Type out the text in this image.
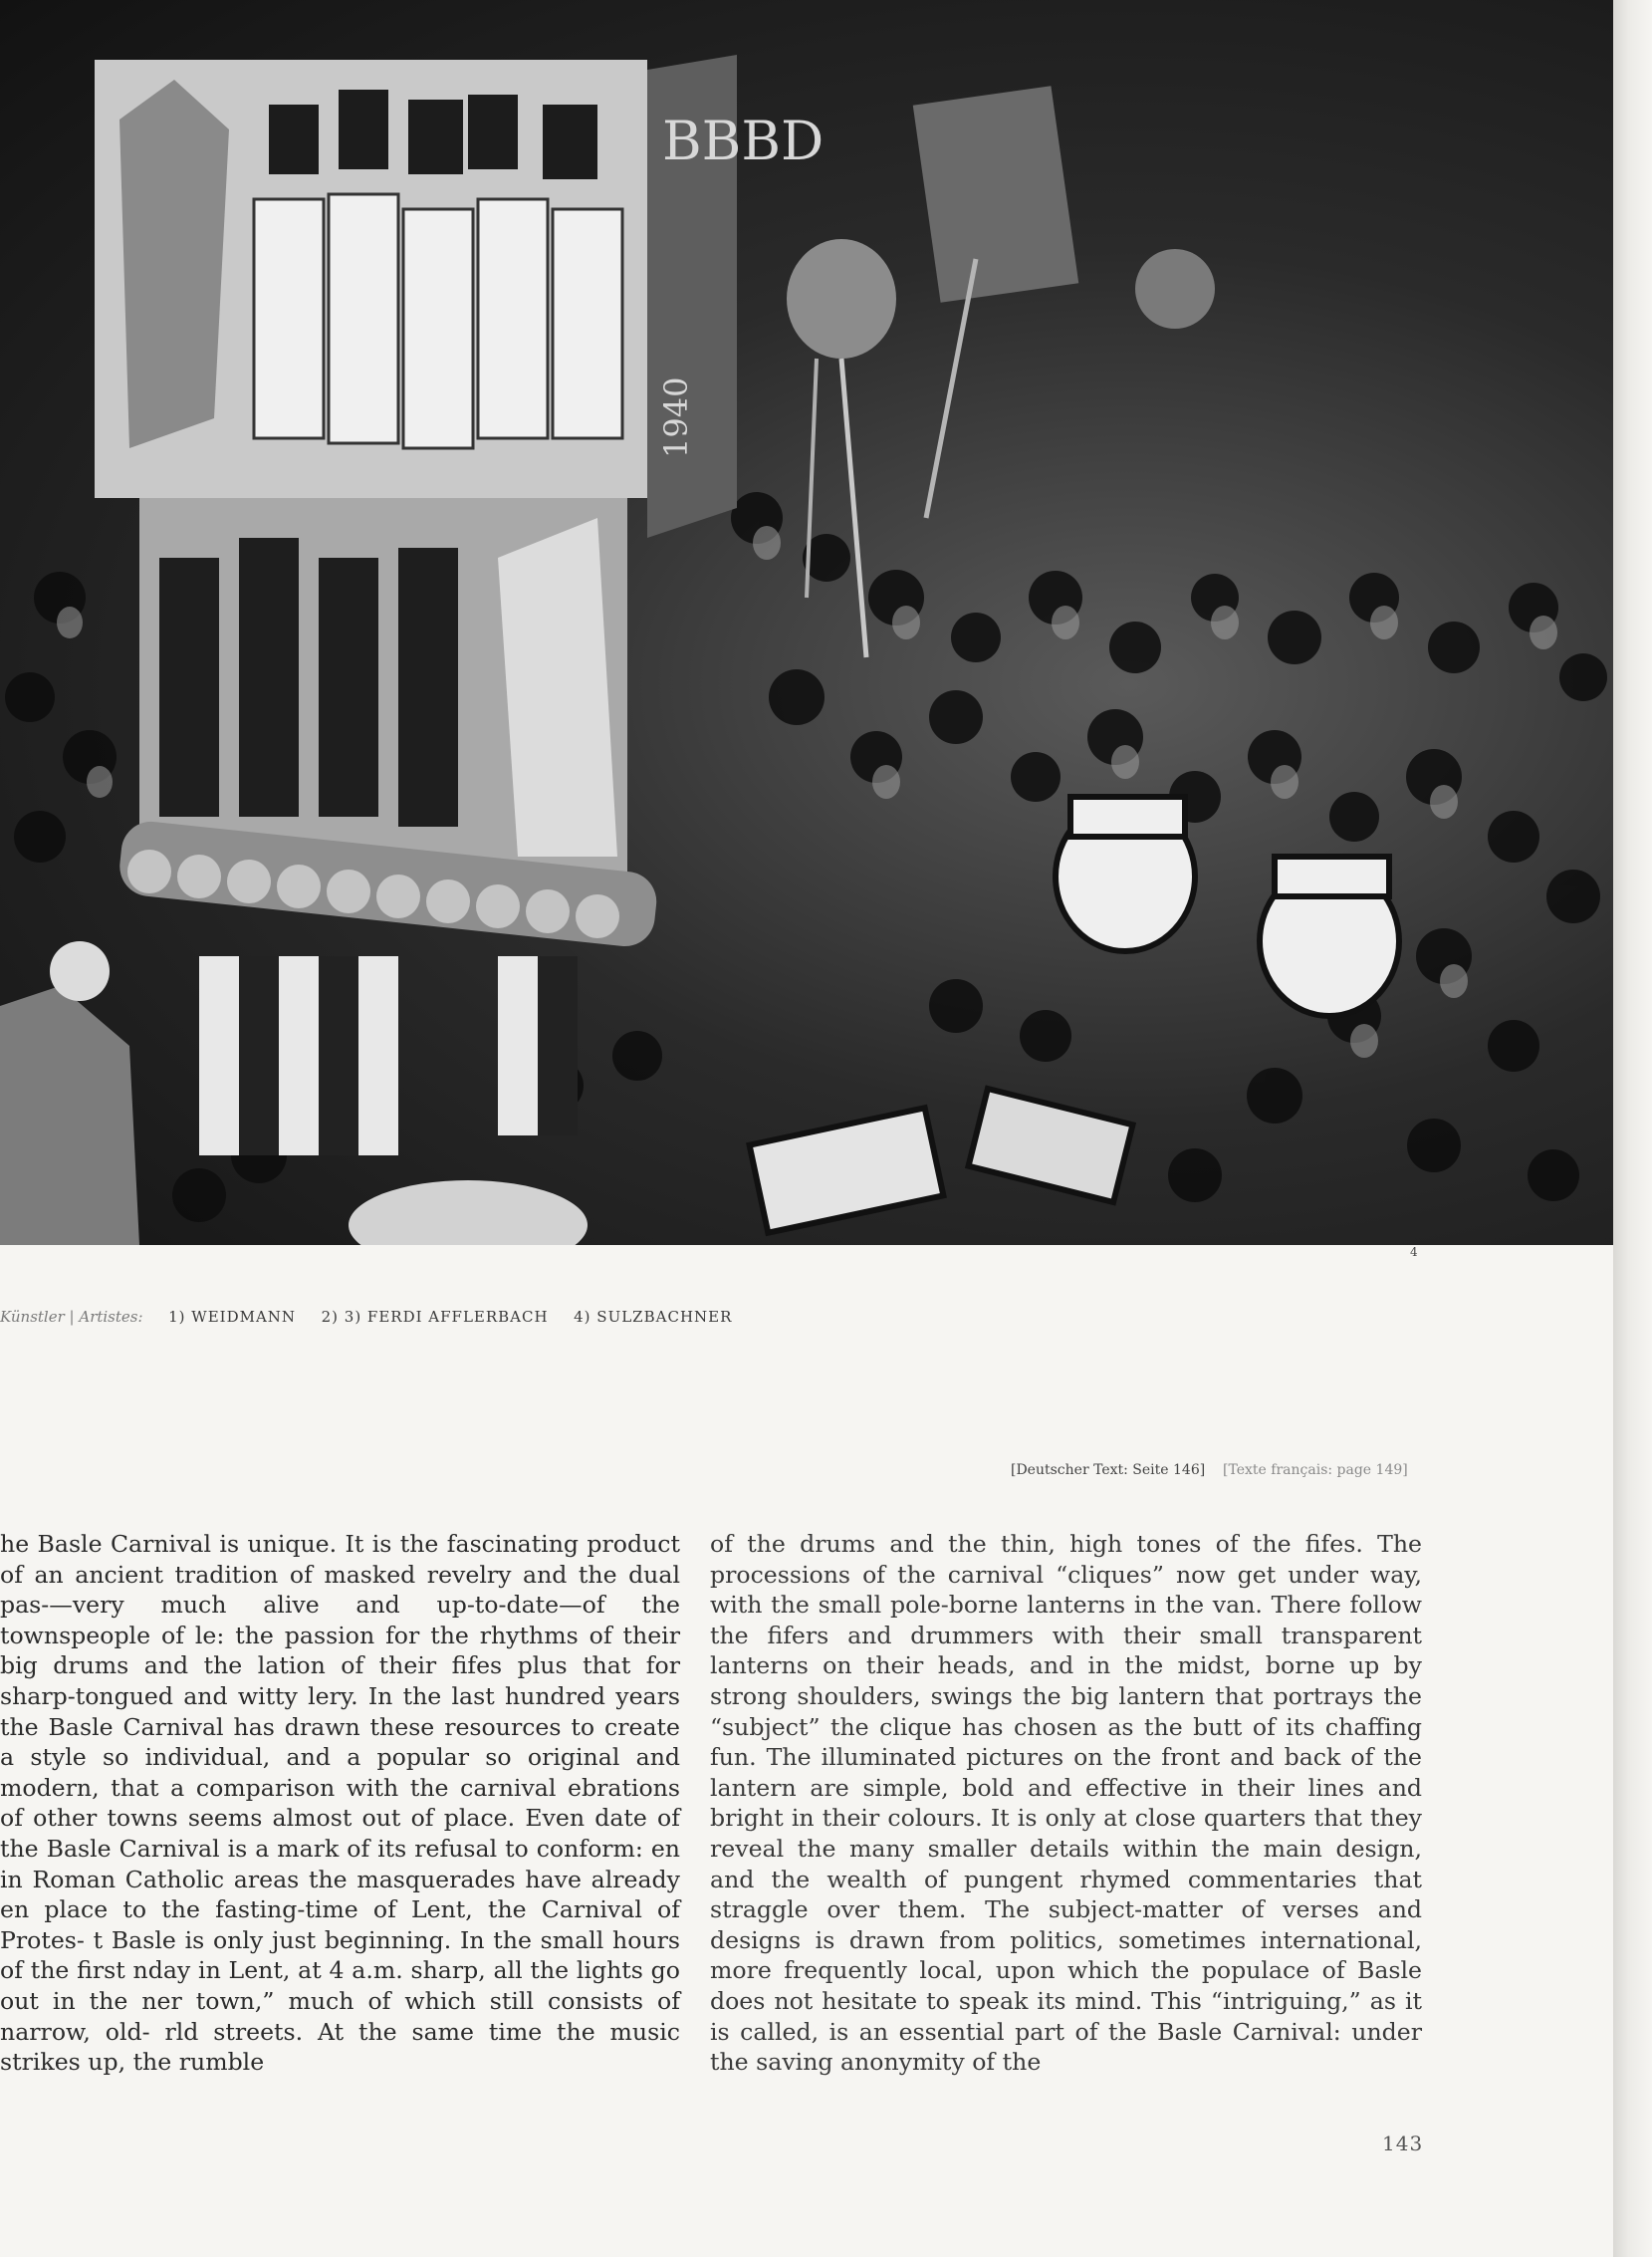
BBBD
1940
4
Künstler | Artistes: 1) WEIDMANN 2) 3) FERDI AFFLERBACH 4) SULZBACHNER
[Deutscher Text: Seite 146] [Texte français: page 149]

he Basle Carnival is unique. It is the fascinating product of an ancient tradition of masked revelry and the dual pas-—very much alive and up-to-date—of the townspeople of le: the passion for the rhythms of their big drums and the lation of their fifes plus that for sharp-tongued and witty lery. In the last hundred years the Basle Carnival has drawn these resources to create a style so individual, and a popular so original and modern, that a comparison with the carnival ebrations of other towns seems almost out of place. Even date of the Basle Carnival is a mark of its refusal to conform: en in Roman Catholic areas the masquerades have already en place to the fasting-time of Lent, the Carnival of Protes- t Basle is only just beginning. In the small hours of the first nday in Lent, at 4 a.m. sharp, all the lights go out in the ner town,” much of which still consists of narrow, old- rld streets. At the same time the music strikes up, the rumble

of the drums and the thin, high tones of the fifes. The processions of the carnival “cliques” now get under way, with the small pole-borne lanterns in the van. There follow the fifers and drummers with their small transparent lanterns on their heads, and in the midst, borne up by strong shoulders, swings the big lantern that portrays the “subject” the clique has chosen as the butt of its chaffing fun. The illuminated pictures on the front and back of the lantern are simple, bold and effective in their lines and bright in their colours. It is only at close quarters that they reveal the many smaller details within the main design, and the wealth of pungent rhymed commentaries that straggle over them. The subject-matter of verses and designs is drawn from politics, sometimes international, more frequently local, upon which the populace of Basle does not hesitate to speak its mind. This “intriguing,” as it is called, is an essential part of the Basle Carnival: under the saving anonymity of the

143
